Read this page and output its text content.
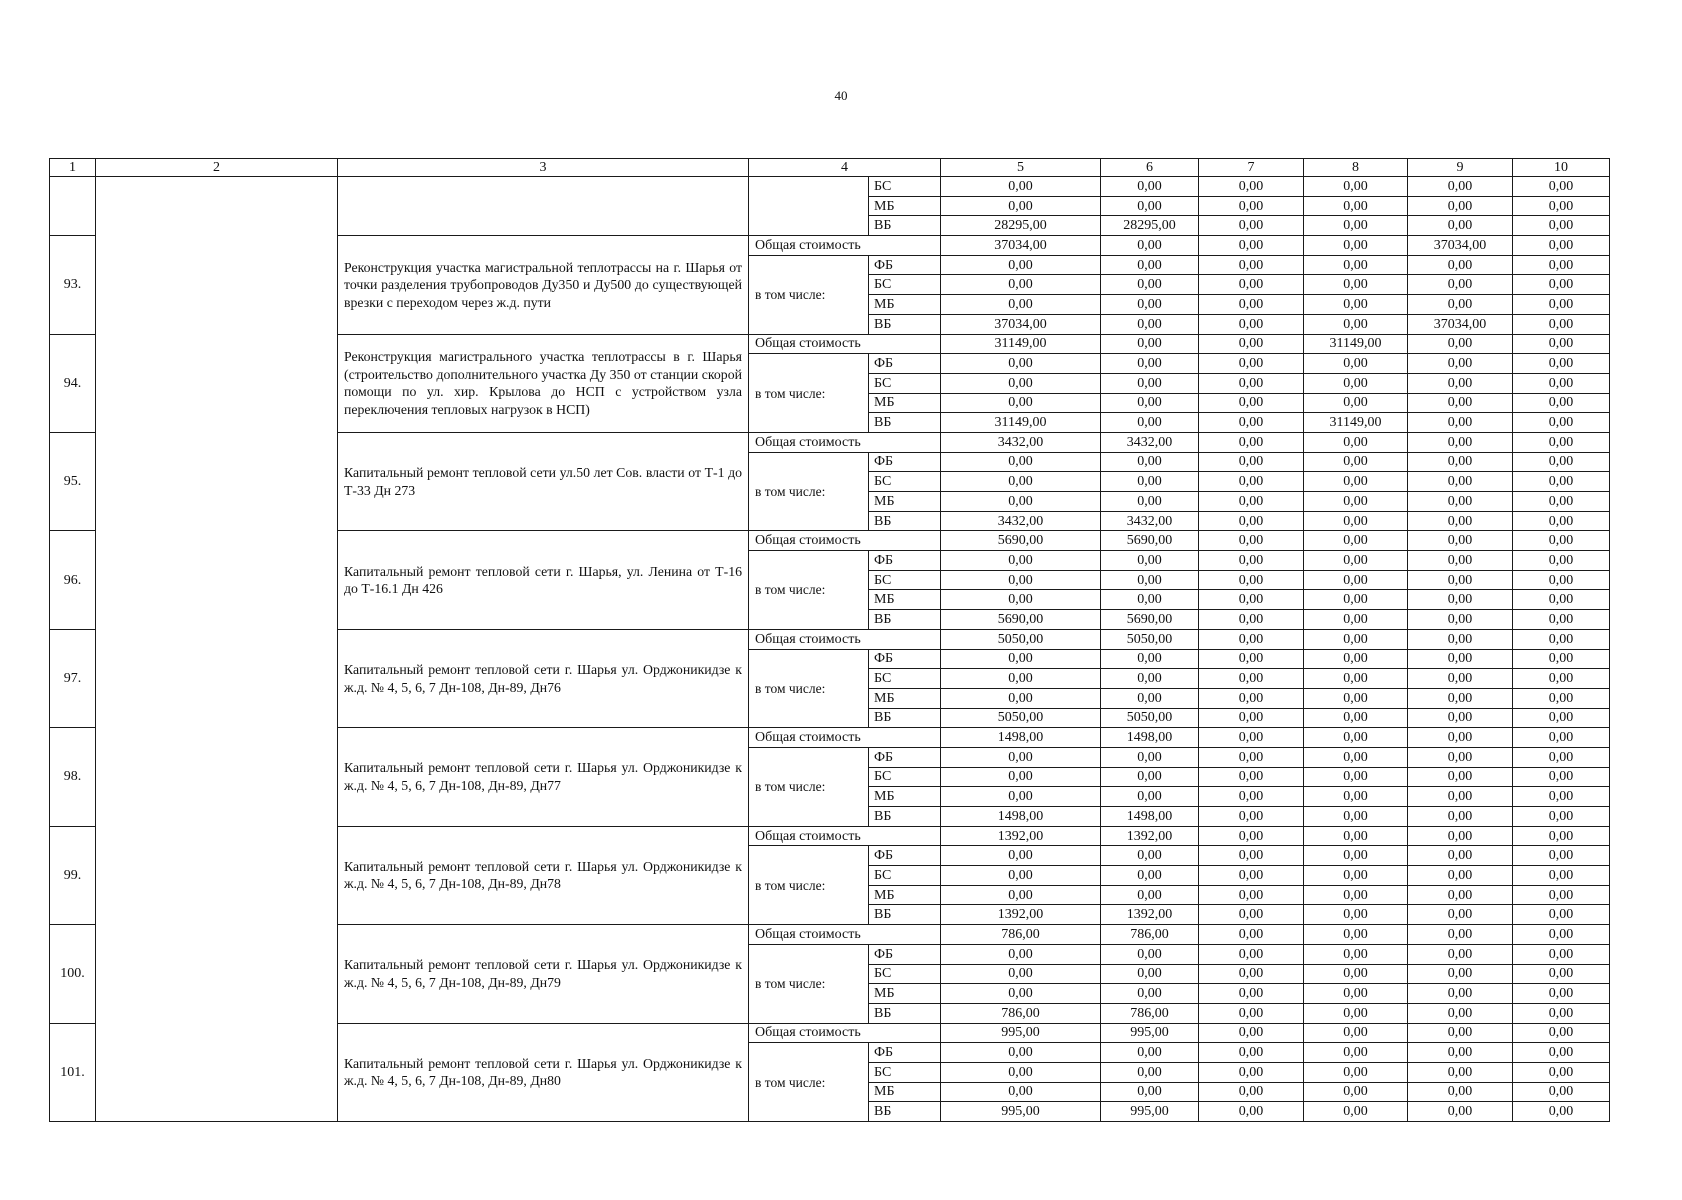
40
1	2	3	4		5	6	7	8	9	10
				БС	0,00	0,00	0,00	0,00	0,00	0,00
				МБ	0,00	0,00	0,00	0,00	0,00	0,00
				ВБ	28295,00	28295,00	0,00	0,00	0,00	0,00
93.		Реконструкция участка магистральной теплотрассы на г. Шарья от точки разделения трубопроводов Ду350 и Ду500 до существующей врезки с переходом через ж.д. пути	Общая стоимость		37034,00	0,00	0,00	0,00	37034,00	0,00
			в том числе:	ФБ	0,00	0,00	0,00	0,00	0,00	0,00
				БС	0,00	0,00	0,00	0,00	0,00	0,00
				МБ	0,00	0,00	0,00	0,00	0,00	0,00
				ВБ	37034,00	0,00	0,00	0,00	37034,00	0,00
94.		Реконструкция магистрального участка теплотрассы в г. Шарья (строительство дополнительного участка Ду 350 от станции скорой помощи по ул. хир. Крылова до НСП с устройством узла переключения тепловых нагрузок в НСП)	Общая стоимость		31149,00	0,00	0,00	31149,00	0,00	0,00
			в том числе:	ФБ	0,00	0,00	0,00	0,00	0,00	0,00
				БС	0,00	0,00	0,00	0,00	0,00	0,00
				МБ	0,00	0,00	0,00	0,00	0,00	0,00
				ВБ	31149,00	0,00	0,00	31149,00	0,00	0,00
95.		Капитальный ремонт тепловой сети ул.50 лет Сов. власти от Т-1 до Т-33 Дн 273	Общая стоимость		3432,00	3432,00	0,00	0,00	0,00	0,00
			в том числе:	ФБ	0,00	0,00	0,00	0,00	0,00	0,00
				БС	0,00	0,00	0,00	0,00	0,00	0,00
				МБ	0,00	0,00	0,00	0,00	0,00	0,00
				ВБ	3432,00	3432,00	0,00	0,00	0,00	0,00
96.		Капитальный ремонт тепловой сети г. Шарья, ул. Ленина от Т-16 до Т-16.1 Дн 426	Общая стоимость		5690,00	5690,00	0,00	0,00	0,00	0,00
			в том числе:	ФБ	0,00	0,00	0,00	0,00	0,00	0,00
				БС	0,00	0,00	0,00	0,00	0,00	0,00
				МБ	0,00	0,00	0,00	0,00	0,00	0,00
				ВБ	5690,00	5690,00	0,00	0,00	0,00	0,00
97.		Капитальный ремонт тепловой сети г. Шарья ул. Орджоникидзе к ж.д. № 4, 5, 6, 7 Дн-108, Дн-89, Дн76	Общая стоимость		5050,00	5050,00	0,00	0,00	0,00	0,00
			в том числе:	ФБ	0,00	0,00	0,00	0,00	0,00	0,00
				БС	0,00	0,00	0,00	0,00	0,00	0,00
				МБ	0,00	0,00	0,00	0,00	0,00	0,00
				ВБ	5050,00	5050,00	0,00	0,00	0,00	0,00
98.		Капитальный ремонт тепловой сети г. Шарья ул. Орджоникидзе к ж.д. № 4, 5, 6, 7 Дн-108, Дн-89, Дн77	Общая стоимость		1498,00	1498,00	0,00	0,00	0,00	0,00
			в том числе:	ФБ	0,00	0,00	0,00	0,00	0,00	0,00
				БС	0,00	0,00	0,00	0,00	0,00	0,00
				МБ	0,00	0,00	0,00	0,00	0,00	0,00
				ВБ	1498,00	1498,00	0,00	0,00	0,00	0,00
99.		Капитальный ремонт тепловой сети г. Шарья ул. Орджоникидзе к ж.д. № 4, 5, 6, 7 Дн-108, Дн-89, Дн78	Общая стоимость		1392,00	1392,00	0,00	0,00	0,00	0,00
			в том числе:	ФБ	0,00	0,00	0,00	0,00	0,00	0,00
				БС	0,00	0,00	0,00	0,00	0,00	0,00
				МБ	0,00	0,00	0,00	0,00	0,00	0,00
				ВБ	1392,00	1392,00	0,00	0,00	0,00	0,00
100.		Капитальный ремонт тепловой сети г. Шарья ул. Орджоникидзе к ж.д. № 4, 5, 6, 7 Дн-108, Дн-89, Дн79	Общая стоимость		786,00	786,00	0,00	0,00	0,00	0,00
			в том числе:	ФБ	0,00	0,00	0,00	0,00	0,00	0,00
				БС	0,00	0,00	0,00	0,00	0,00	0,00
				МБ	0,00	0,00	0,00	0,00	0,00	0,00
				ВБ	786,00	786,00	0,00	0,00	0,00	0,00
101.		Капитальный ремонт тепловой сети г. Шарья ул. Орджоникидзе к ж.д. № 4, 5, 6, 7 Дн-108, Дн-89, Дн80	Общая стоимость		995,00	995,00	0,00	0,00	0,00	0,00
			в том числе:	ФБ	0,00	0,00	0,00	0,00	0,00	0,00
				БС	0,00	0,00	0,00	0,00	0,00	0,00
				МБ	0,00	0,00	0,00	0,00	0,00	0,00
				ВБ	995,00	995,00	0,00	0,00	0,00	0,00
